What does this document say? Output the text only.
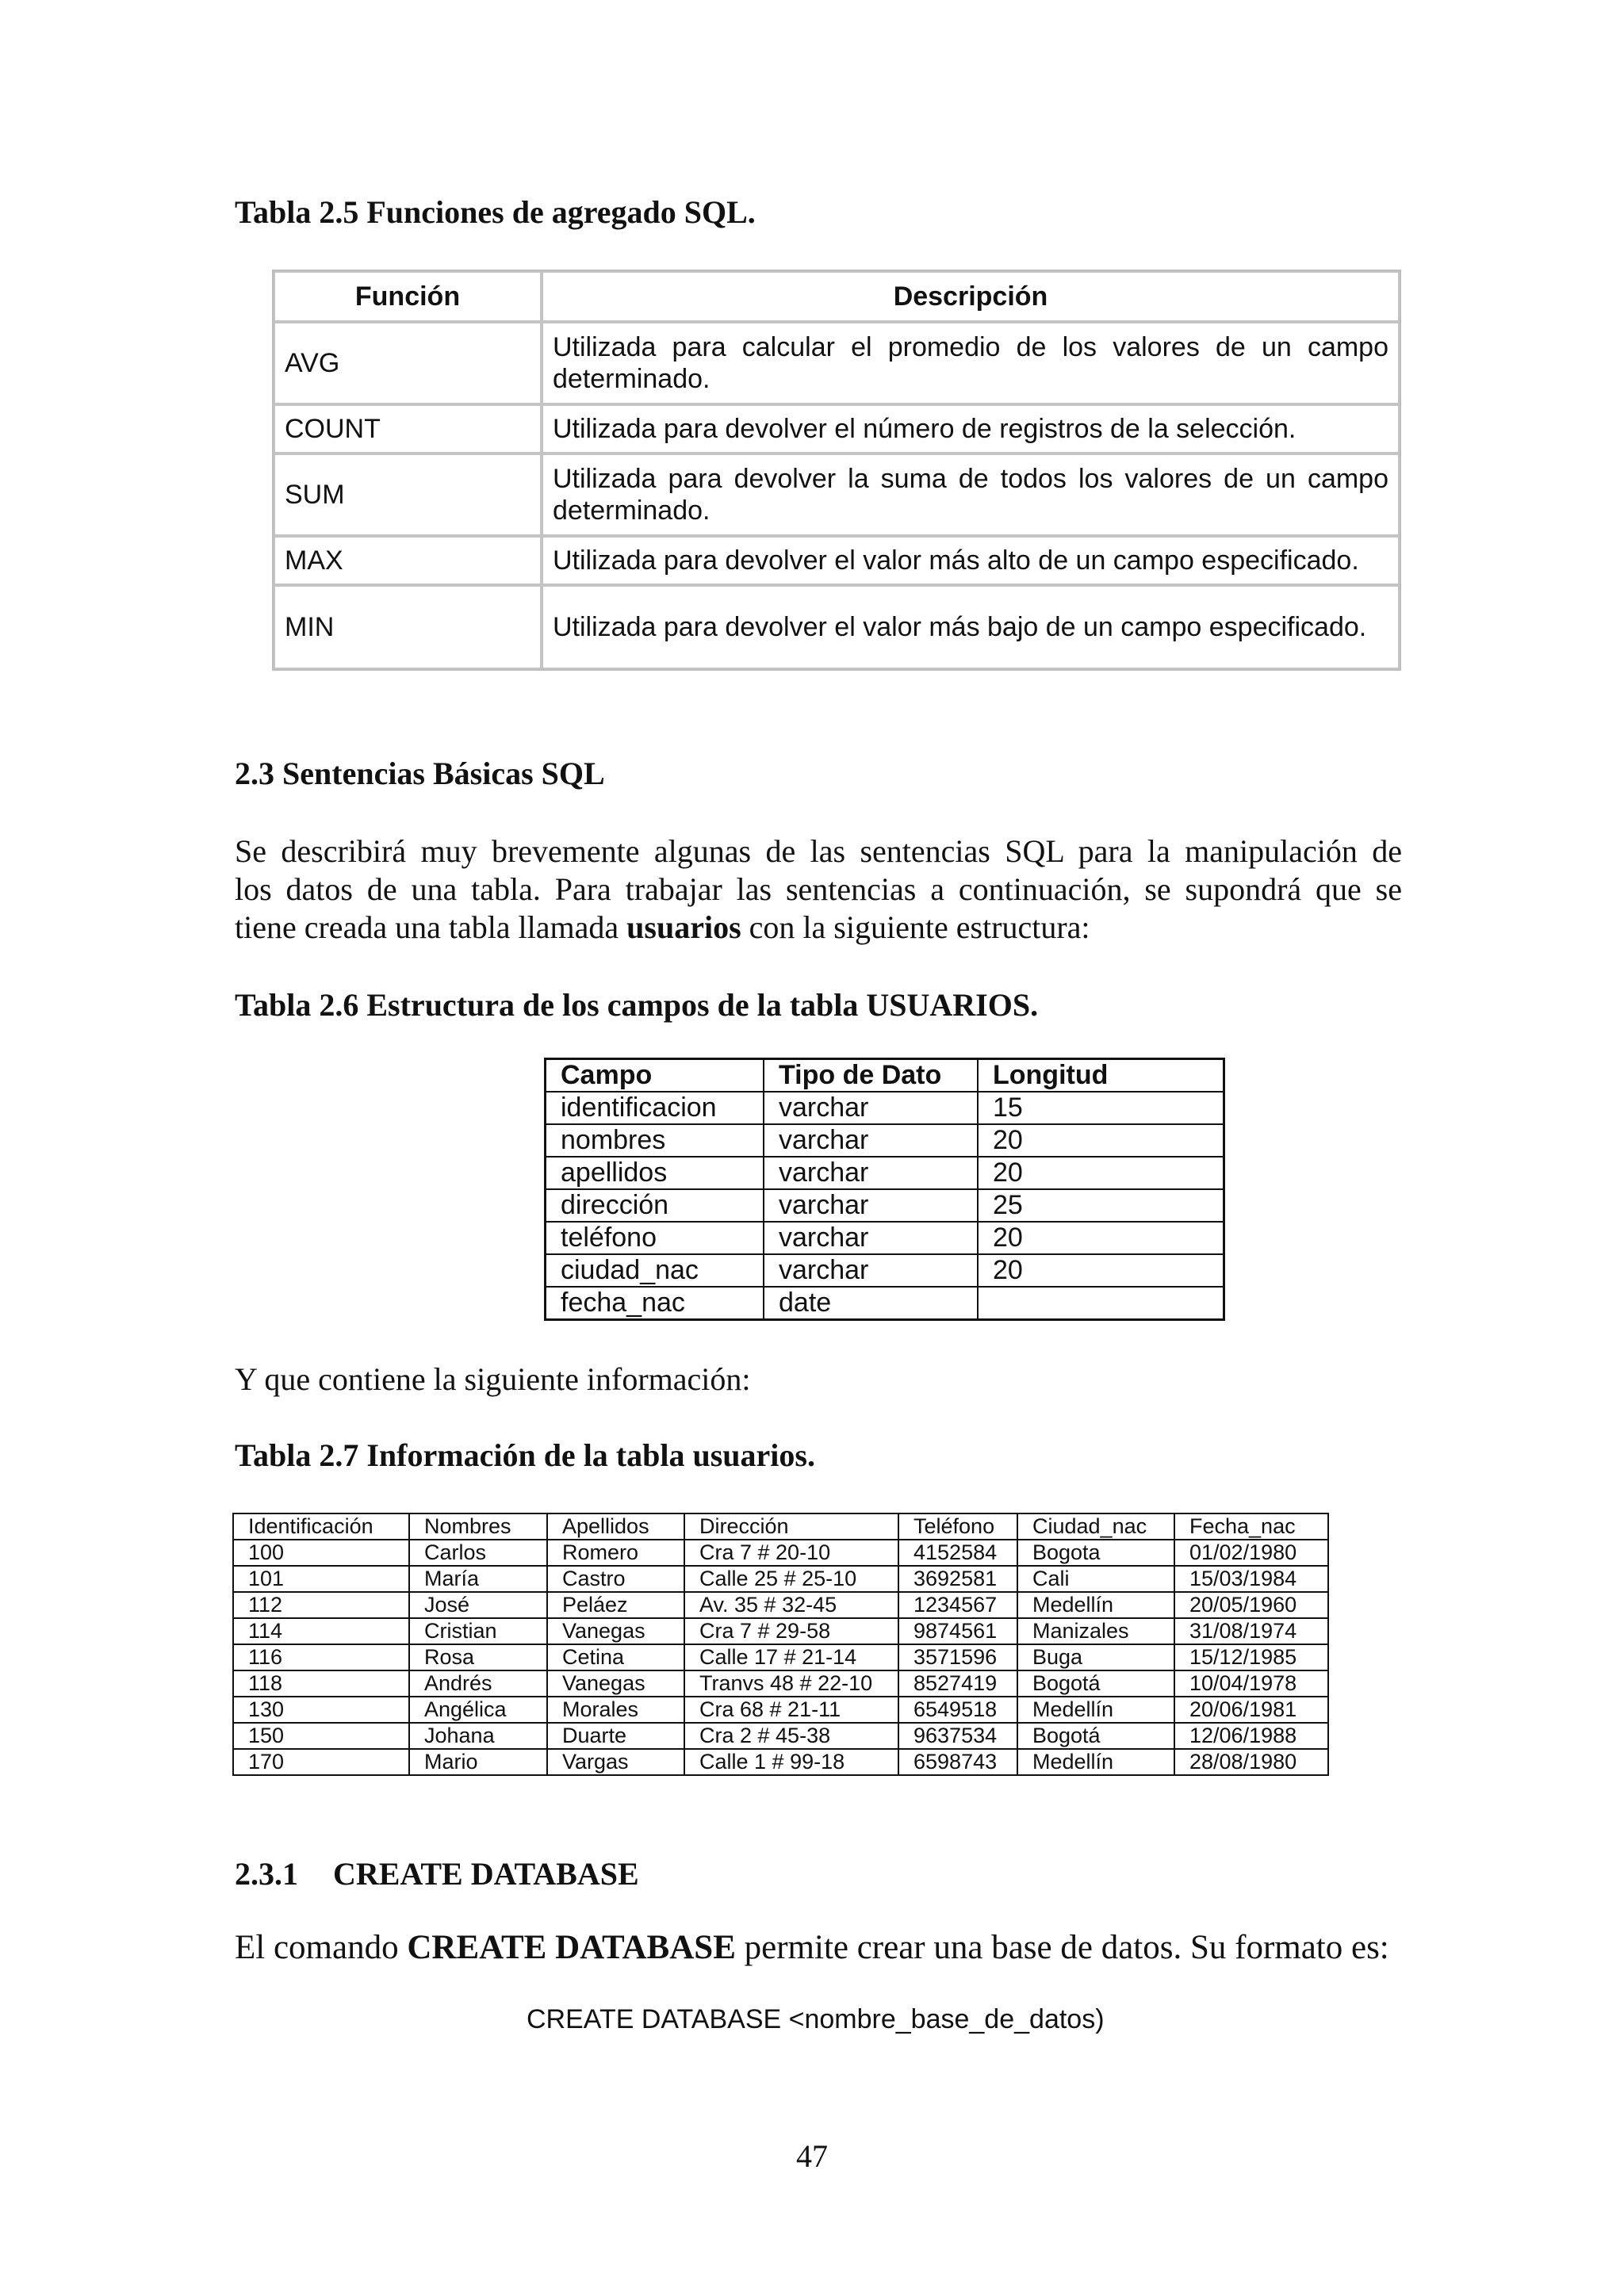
Tabla 2.5 Funciones de agregado SQL.
Función	Descripción
AVG	Utilizada para calcular el promedio de los valores de un campo determinado.
COUNT	Utilizada para devolver el número de registros de la selección.
SUM	Utilizada para devolver la suma de todos los valores de un campo determinado.
MAX	Utilizada para devolver el valor más alto de un campo especificado.
MIN	Utilizada para devolver el valor más bajo de un campo especificado.
2.3 Sentencias Básicas SQL
Se describirá muy brevemente algunas de las sentencias SQL para la manipulación de
los datos de una tabla. Para trabajar las sentencias a continuación, se supondrá que se
tiene creada una tabla llamada usuarios con la siguiente estructura:
Tabla 2.6 Estructura de los campos de la tabla USUARIOS.
Campo	Tipo de Dato	Longitud
identificacion	varchar	15
nombres	varchar	20
apellidos	varchar	20
dirección	varchar	25
teléfono	varchar	20
ciudad_nac	varchar	20
fecha_nac	date	
Y que contiene la siguiente información:
Tabla 2.7 Información de la tabla usuarios.
Identificación	Nombres	Apellidos	Dirección	Teléfono	Ciudad_nac	Fecha_nac
100	Carlos	Romero	Cra 7 # 20-10	4152584	Bogota	01/02/1980
101	María	Castro	Calle 25 # 25-10	3692581	Cali	15/03/1984
112	José	Peláez	Av. 35 # 32-45	1234567	Medellín	20/05/1960
114	Cristian	Vanegas	Cra 7 # 29-58	9874561	Manizales	31/08/1974
116	Rosa	Cetina	Calle 17 # 21-14	3571596	Buga	15/12/1985
118	Andrés	Vanegas	Tranvs 48 # 22-10	8527419	Bogotá	10/04/1978
130	Angélica	Morales	Cra 68 # 21-11	6549518	Medellín	20/06/1981
150	Johana	Duarte	Cra 2 # 45-38	9637534	Bogotá	12/06/1988
170	Mario	Vargas	Calle 1 # 99-18	6598743	Medellín	28/08/1980
2.3.1 CREATE DATABASE
El comando CREATE DATABASE permite crear una base de datos. Su formato es:
CREATE DATABASE <nombre_base_de_datos)
47
